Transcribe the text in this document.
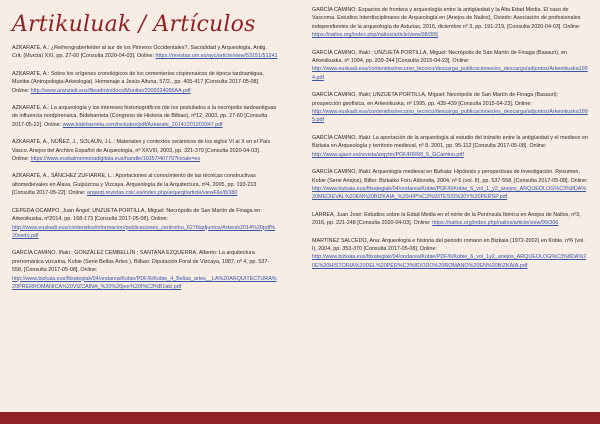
Artikuluak / Artículos
AZKARATE, A.: ¿Reihengraberfelder al sur de los Pirineos Occidentales?, Sacralidad y Arqueología, Antig. Crit. (Murcia) XXI, pp. 27-60 [Consulta 2020-04-03]. Online: https://revistas.um.es/ayc/article/view/53151/51241
AZKARATE, A.: Sobre los orígenes cronológicos de los cementerios cispirenaicos de época tardoantigua, Munibe (Antropologia-Arkeologia). Homenaje a Jesús Altuna, 57/2., pp. 405-417 [Consulta 2017-05-08]. Online: http://www.aranzadi.eus/fileadmin/docs/Munibe/2005024056AA.pdf
AZKARATE, A.: La arqueología y los intereses historiográficos (de los postulados a la necrópolis tardoantiguas de influencia nordpirenaica, Bidebarrieta (Congreso de Historia de Bilbao), nº12, 2003, pp. 27-60 [Consulta 2017-05-22]. Online: www.bidebarrieta.com/includes/pdf/Azkarate_20141201203347.pdf
AZKARATE, A., NÚÑEZ, J., SOLAUN, J.L.: Materiales y contextos cerámicos de los siglos VI al X en el País Vasco. Anejos del Archivo Español de Arqueología, nº XXVIII, 2003, pp. 321-370 [Consulta 2020-04-03]. Online: https://www.euskalmemoriadigitala.eus/handle/10357/40779?locale=es
AZKARATE, A., SÁNCHEZ ZUFIARRE, L.: Aportaciones al conocimiento de las técnicas constructivas altomedievales en Alava, Guipúzcoa y Vizcaya. Arqueología de la Arquitectura, nº4, 2005, pp. 193-213 [Consulta 2017-05-22]. Online: arqarqt.revistas.csic.es/index.php/arqarqt/article/viewFile/8/380
CEPEDA OCAMPO, Juan Ángel; UNZUETA PORTILLA, Miguel: Necrópolis de San Martín de Finaga en Arkeoikuska, nº2014, pp. 168-173 [Consulta 2017-05-08]. Online: http://www.euskadi.eus/contenidos/informacion/publicaciones_centrorku_6276/adjuntos/Arkeoik2014%20pdf%20web).pdf
GARCÍA CAMINO, Iñaki ; GONZÁLEZ CEMBELLÍN ; SANTANA EZQUERRA, Alberto: La arquitectura prerrománica vizcaína, Kobie (Serie Bellas Artes ), Bilbao: Diputación Foral de Vizcaya, 1987, nº 4, pp. 537-558, [Consulta 2017-05-08]. Online: http://www.bizkaia.eus/fitxategiak/04/ondarea/Kobie/PDF/6/Kobie_4_Bellas_artes__LA%20ARQUITECTURA%20PRERROMANICA%20VIZCAINA_%20%20por%20I%C3%B1aki.pdf
GARCÍA CAMINO: Espacios de frontera y arqueología entre la antigüedad y la Alta Edad Media. El caso de Vascoma. Estudios Interdisciplinares de Arqueología en (Anejos de Nailos), Oviedo: Asociación de profesionales independientes de la arqueología de Asturias, 2016, diciembre nº 3, pp. 191-219, [Consulta 2020-04-03]. Online: https://nailos.org/index.php/nailos/article/view/98/305
GARCÍA CAMINO, Iñaki ; UNZUETA PORTILLA, Miguel: Necrópolis de San Martín de Finaga (Basauri), en Arkeoikuska, nº 1994, pp. 339-344 [Consulta 2015-04-23]. Online: http://www.euskadi.eus/contenidos/recurso_tecnico/descarga_publicaciones/es_descarga/adjuntos/Arkeoikuska1994.pdf
GARCÍA CAMINO, Iñaki; UNZUETA PORTILLA, Miguel: Necrópolis de San Martín de Finaga (Basauri): prospección geofísica, en Arkeoikuska, nº 1995, pp. 435-439 [Consulta 2015-04-23]. Online: http://www.euskadi.eus/contenidos/recurso_tecnico/descarga_publicaciones/es_descarga/adjuntos/Arkeoikuska1995.pdf
GARCÍA CAMINO, Iñaki: La aportación de la arqueología al estudio del tránsito entre la antigüedad y el medievo en Bizkaia en Arqueología y territorio medieval, nº 8, 2001, pp. 95-112 [Consulta 2017-05-08]. Online: http://www.ujaen.es/revista/arqytm/PDF/R8/R8_5_GCamino.pdf
GARCÍA CAMINO, Iñaki: Arqueología medieval en Bizkaia: Hipótesis y perspectivas de investigación. Resumen, Kobie (Serie Anejos), Bilbo: Bizkaiko Foru Aldundia, 2004, nº 6 (vol. II), pp. 537-558, [Consulta 2017-05-08]. Online: http://www.bizkaia.eus/fitxategiak/04/ondarea/Kobie/PDF/6/Kobie_6_vol_1_y2_anejos_ARQUEOLOG%C3%8DA%20MEDIEVAL%20EN%20BIZKAIA_%20HIP%C3%93TESIS%20Y%20PERSP.pdf
LARREA, Juan José: Estudios sobre la Edad Media en el norte de la Península Ibérica en Anejos de Nailos, nº3, 2016, pp. 221-248 [Consulta 2020-04-03]. Online: https://nailos.org/index.php/nailos/article/view/99/306
MARTÍNEZ SALCEDO, Ana: Arqueología e historia del periodo romano en Bizkaia (1972-2002) en Kobie, nº6 (vol. I), 2004, pp. 353-370 [Consulta 2017-05-08]. Online: http://www.bizkaia.eus/fitxategiak/04/ondarea/Kobie/PDF/6/Kobie_6_vol_1y2_anejos_ARQUEOLOG%C3%8DA%20E%20HISTORIA%20DEL%20PER%C3%8DODO%20ROMANO%20EN%20BIZKAIA.pdf
